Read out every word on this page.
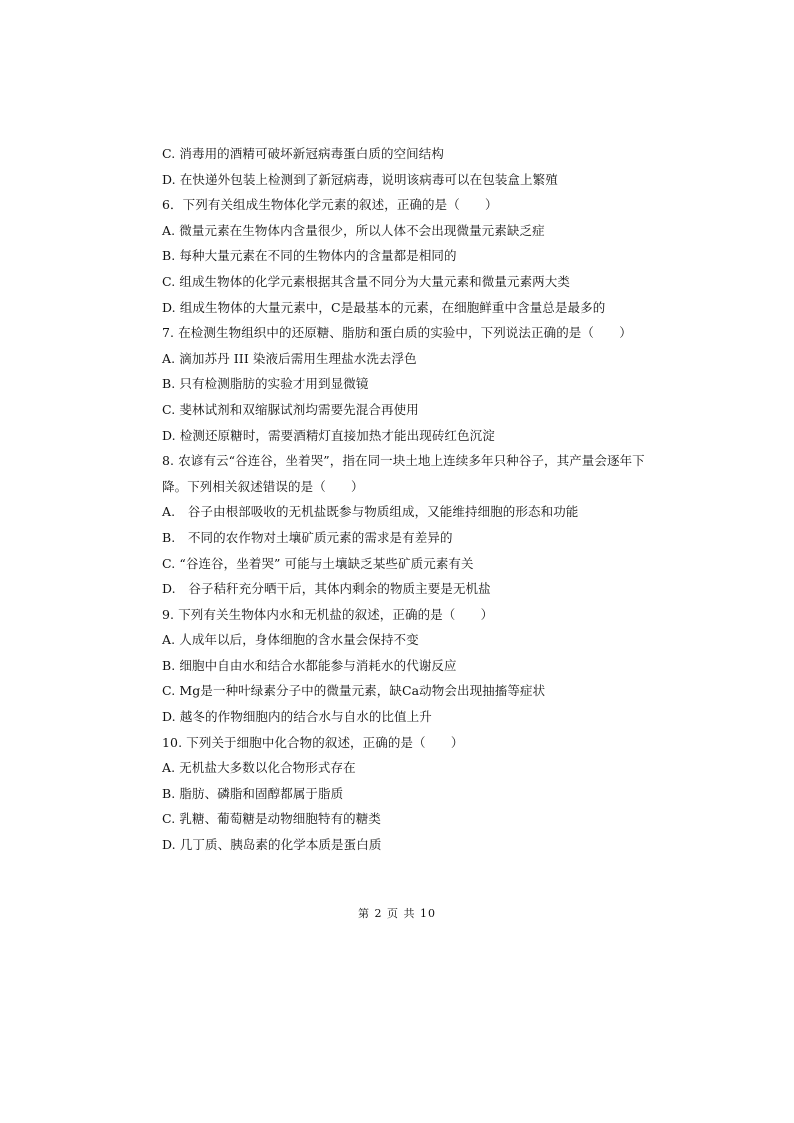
C. 消毒用的酒精可破坏新冠病毒蛋白质的空间结构
D. 在快递外包装上检测到了新冠病毒，说明该病毒可以在包装盒上繁殖
6．下列有关组成生物体化学元素的叙述，正确的是（　　）
A. 微量元素在生物体内含量很少，所以人体不会出现微量元素缺乏症
B. 每种大量元素在不同的生物体内的含量都是相同的
C. 组成生物体的化学元素根据其含量不同分为大量元素和微量元素两大类
D. 组成生物体的大量元素中，C是最基本的元素，在细胞鲜重中含量总是最多的
7. 在检测生物组织中的还原糖、脂肪和蛋白质的实验中，下列说法正确的是（　　）
A. 滴加苏丹 III 染液后需用生理盐水洗去浮色
B. 只有检测脂肪的实验才用到显微镜
C. 斐林试剂和双缩脲试剂均需要先混合再使用
D. 检测还原糖时，需要酒精灯直接加热才能出现砖红色沉淀
8. 农谚有云“谷连谷，坐着哭”，指在同一块土地上连续多年只种谷子，其产量会逐年下
降。下列相关叙述错误的是（　　）
A.　谷子由根部吸收的无机盐既参与物质组成，又能维持细胞的形态和功能
B.　不同的农作物对土壤矿质元素的需求是有差异的
C. “谷连谷，坐着哭” 可能与土壤缺乏某些矿质元素有关
D.　谷子秸秆充分晒干后，其体内剩余的物质主要是无机盐
9. 下列有关生物体内水和无机盐的叙述，正确的是（　　）
A. 人成年以后，身体细胞的含水量会保持不变
B. 细胞中自由水和结合水都能参与消耗水的代谢反应
C. Mg是一种叶绿素分子中的微量元素，缺Ca动物会出现抽搐等症状
D. 越冬的作物细胞内的结合水与自水的比值上升
10. 下列关于细胞中化合物的叙述，正确的是（　　）
A. 无机盐大多数以化合物形式存在
B. 脂肪、磷脂和固醇都属于脂质
C. 乳糖、葡萄糖是动物细胞特有的糖类
D. 几丁质、胰岛素的化学本质是蛋白质
第 2 页 共 10
